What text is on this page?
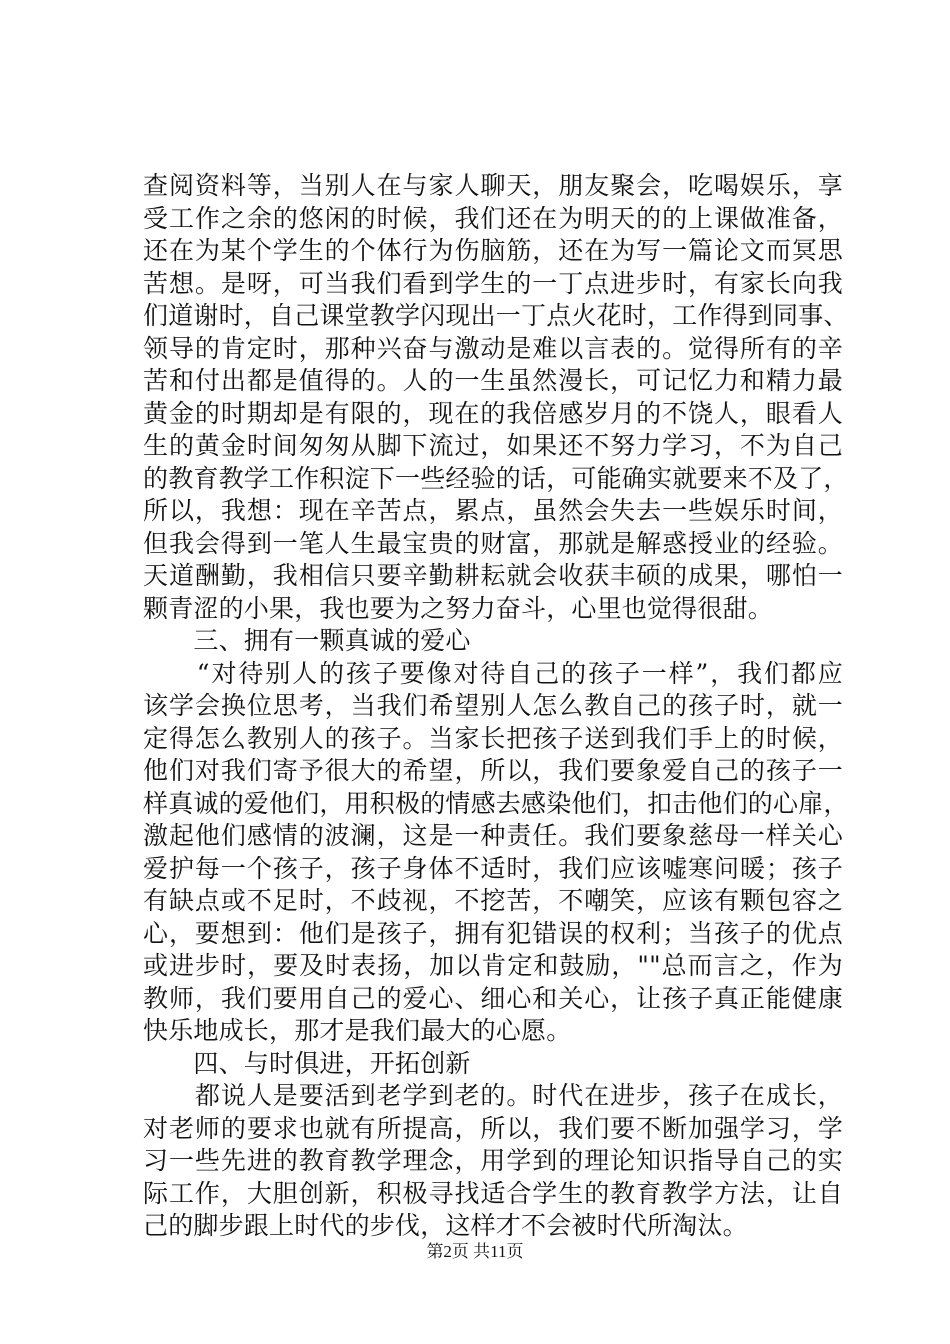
查阅资料等，当别人在与家人聊天，朋友聚会，吃喝娱乐，享
受工作之余的悠闲的时候，我们还在为明天的的上课做准备，
还在为某个学生的个体行为伤脑筋，还在为写一篇论文而冥思
苦想。是呀，可当我们看到学生的一丁点进步时，有家长向我
们道谢时，自己课堂教学闪现出一丁点火花时，工作得到同事、
领导的肯定时，那种兴奋与激动是难以言表的。觉得所有的辛
苦和付出都是值得的。人的一生虽然漫长，可记忆力和精力最
黄金的时期却是有限的，现在的我倍感岁月的不饶人，眼看人
生的黄金时间匆匆从脚下流过，如果还不努力学习，不为自己
的教育教学工作积淀下一些经验的话，可能确实就要来不及了，
所以，我想：现在辛苦点，累点，虽然会失去一些娱乐时间，
但我会得到一笔人生最宝贵的财富，那就是解惑授业的经验。
天道酬勤，我相信只要辛勤耕耘就会收获丰硕的成果，哪怕一
颗青涩的小果，我也要为之努力奋斗，心里也觉得很甜。
　　三、拥有一颗真诚的爱心
　　“对待别人的孩子要像对待自己的孩子一样”，我们都应
该学会换位思考，当我们希望别人怎么教自己的孩子时，就一
定得怎么教别人的孩子。当家长把孩子送到我们手上的时候，
他们对我们寄予很大的希望，所以，我们要象爱自己的孩子一
样真诚的爱他们，用积极的情感去感染他们，扣击他们的心扉，
激起他们感情的波澜，这是一种责任。我们要象慈母一样关心
爱护每一个孩子，孩子身体不适时，我们应该嘘寒问暖；孩子
有缺点或不足时，不歧视，不挖苦，不嘲笑，应该有颗包容之
心，要想到：他们是孩子，拥有犯错误的权利；当孩子的优点
或进步时，要及时表扬，加以肯定和鼓励，""总而言之，作为
教师，我们要用自己的爱心、细心和关心，让孩子真正能健康
快乐地成长，那才是我们最大的心愿。
　　四、与时俱进，开拓创新
　　都说人是要活到老学到老的。时代在进步，孩子在成长，
对老师的要求也就有所提高，所以，我们要不断加强学习，学
习一些先进的教育教学理念，用学到的理论知识指导自己的实
际工作，大胆创新，积极寻找适合学生的教育教学方法，让自
己的脚步跟上时代的步伐，这样才不会被时代所淘汰。
第2页 共11页
